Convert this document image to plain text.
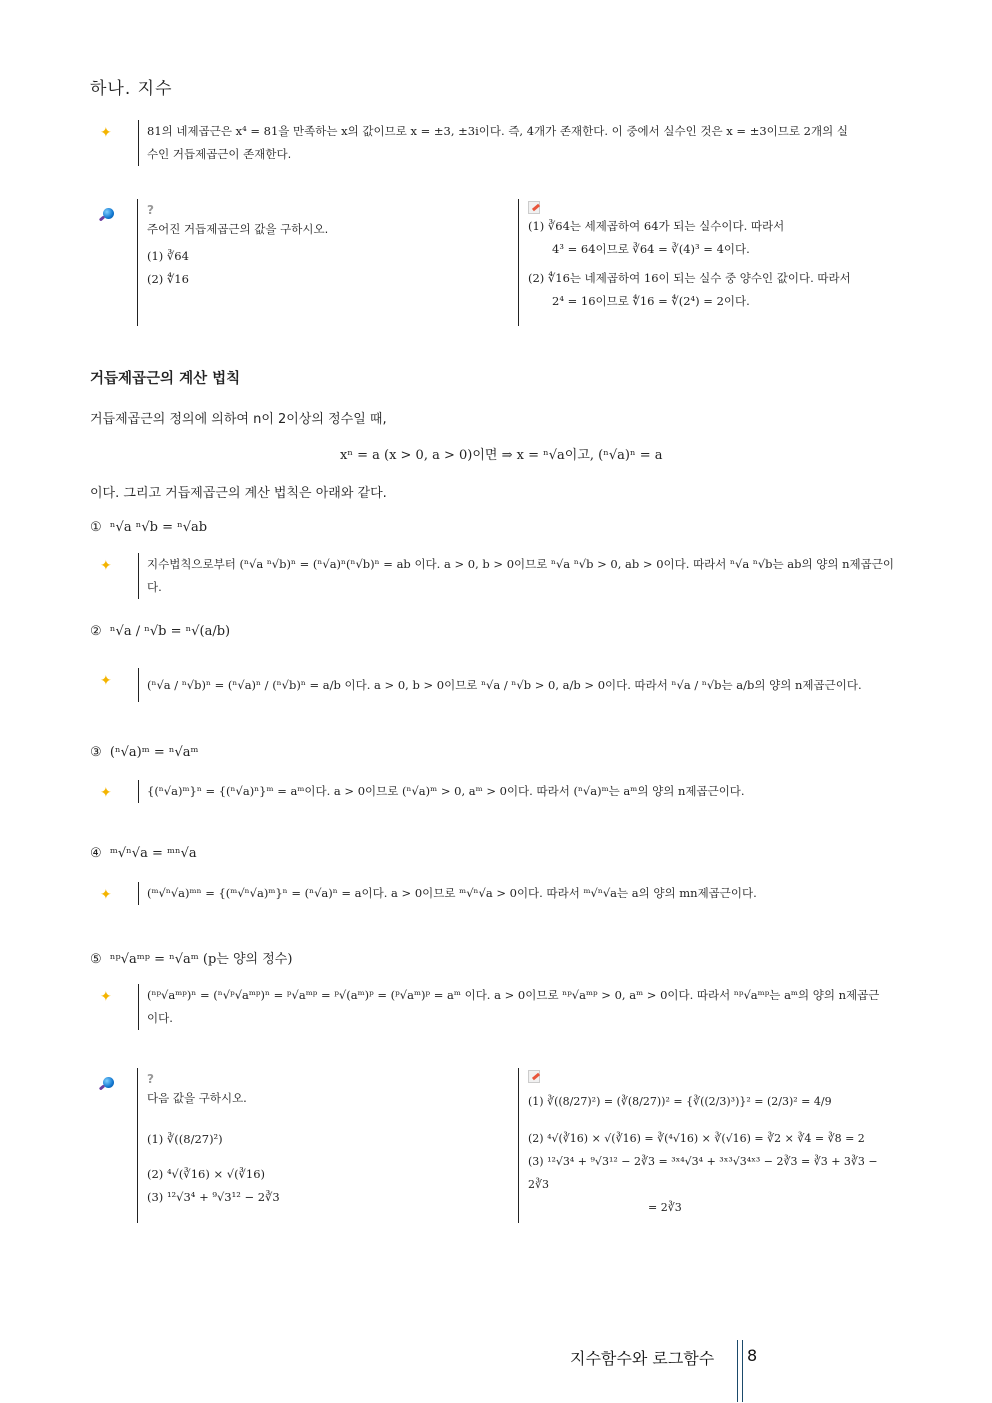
하나. 지수
✦	81의 네제곱근은 x⁴ = 81을 만족하는 x의 값이므로 x = ±3, ±3i이다. 즉, 4개가 존재한다. 이 중에서 실수인 것은 x = ±3이므로 2개의 실
수인 거듭제곱근이 존재한다.
?
주어진 거듭제곱근의 값을 구하시오.
(1) ∛64
(2) ∜16
(1) ∛64는 세제곱하여 64가 되는 실수이다. 따라서
4³ = 64이므로 ∛64 = ∛(4)³ = 4이다.
(2) ∜16는 네제곱하여 16이 되는 실수 중 양수인 값이다. 따라서
2⁴ = 16이므로 ∜16 = ∜(2⁴) = 2이다.
거듭제곱근의 계산 법칙
거듭제곱근의 정의에 의하여 n이 2이상의 정수일 때,
xⁿ = a (x > 0, a > 0)이면 ⇒ x = ⁿ√a이고, (ⁿ√a)ⁿ = a
이다. 그리고 거듭제곱근의 계산 법칙은 아래와 같다.
① ⁿ√a ⁿ√b = ⁿ√ab
✦	지수법칙으로부터 (ⁿ√a ⁿ√b)ⁿ = (ⁿ√a)ⁿ(ⁿ√b)ⁿ = ab 이다. a > 0, b > 0이므로 ⁿ√a ⁿ√b > 0, ab > 0이다. 따라서 ⁿ√a ⁿ√b는 ab의 양의 n제곱근이다.
② ⁿ√a / ⁿ√b = ⁿ√(a/b)
✦	(ⁿ√a / ⁿ√b)ⁿ = (ⁿ√a)ⁿ / (ⁿ√b)ⁿ = a/b 이다. a > 0, b > 0이므로 ⁿ√a / ⁿ√b > 0, a/b > 0이다. 따라서 ⁿ√a / ⁿ√b는 a/b의 양의 n제곱근이다.
③ (ⁿ√a)ᵐ = ⁿ√aᵐ
✦	{(ⁿ√a)ᵐ}ⁿ = {(ⁿ√a)ⁿ}ᵐ = aᵐ이다. a > 0이므로 (ⁿ√a)ᵐ > 0, aᵐ > 0이다. 따라서 (ⁿ√a)ᵐ는 aᵐ의 양의 n제곱근이다.
④ ᵐ√ⁿ√a = ᵐⁿ√a
✦	(ᵐ√ⁿ√a)ᵐⁿ = {(ᵐ√ⁿ√a)ᵐ}ⁿ = (ⁿ√a)ⁿ = a이다. a > 0이므로 ᵐ√ⁿ√a > 0이다. 따라서 ᵐ√ⁿ√a는 a의 양의 mn제곱근이다.
⑤ ⁿᵖ√aᵐᵖ = ⁿ√aᵐ (p는 양의 정수)
✦	(ⁿᵖ√aᵐᵖ)ⁿ = (ⁿ√ᵖ√aᵐᵖ)ⁿ = ᵖ√aᵐᵖ = ᵖ√(aᵐ)ᵖ = (ᵖ√aᵐ)ᵖ = aᵐ 이다. a > 0이므로 ⁿᵖ√aᵐᵖ > 0, aᵐ > 0이다. 따라서 ⁿᵖ√aᵐᵖ는 aᵐ의 양의 n제곱근
이다.
?
다음 값을 구하시오.
(1) ∛((8/27)²)
(2) ⁴√(∛16) × √(∛16)
(3) ¹²√3⁴ + ⁹√3¹² − 2∛3
(1) ∛((8/27)²) = (∛(8/27))² = {∛((2/3)³)}² = (2/3)² = 4/9
(2) ⁴√(∛16) × √(∛16) = ∛(⁴√16) × ∛(√16) = ∛2 × ∛4 = ∛8 = 2
(3) ¹²√3⁴ + ⁹√3¹² − 2∛3 = ³ˣ⁴√3⁴ + ³ˣ³√3⁴ˣ³ − 2∛3 = ∛3 + 3∛3 − 2∛3
= 2∛3
지수함수와 로그함수 8
